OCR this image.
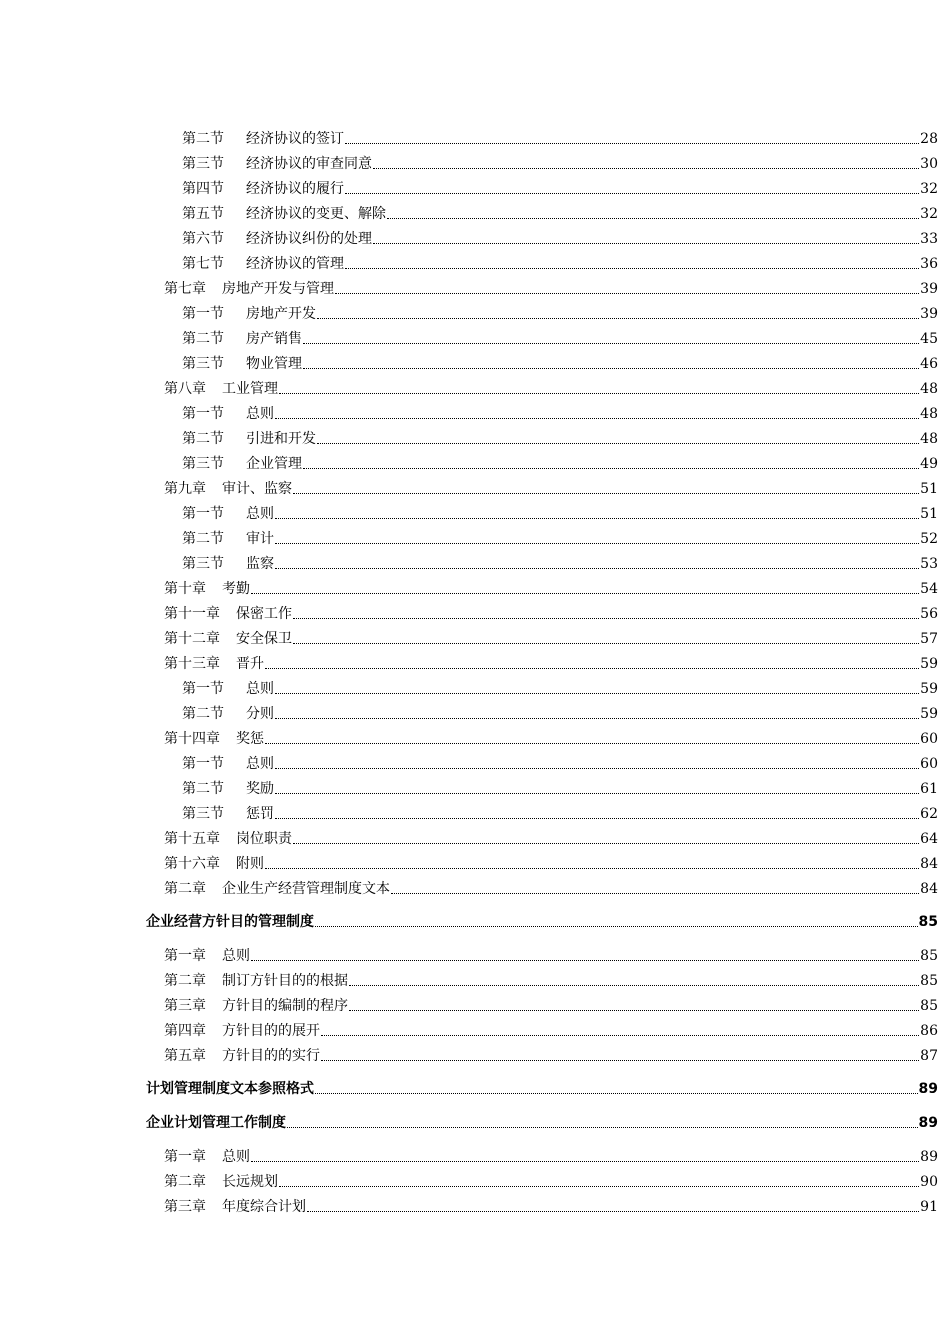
第二节	经济协议的签订	28
第三节	经济协议的审查同意	30
第四节	经济协议的履行	32
第五节	经济协议的变更、解除	32
第六节	经济协议纠份的处理	33
第七节	经济协议的管理	36
第七章 房地产开发与管理	39
第一节	房地产开发	39
第二节	房产销售	45
第三节	物业管理	46
第八章 工业管理	48
第一节	总则	48
第二节	引进和开发	48
第三节	企业管理	49
第九章 审计、监察	51
第一节	总则	51
第二节	审计	52
第三节	监察	53
第十章 考勤	54
第十一章 保密工作	56
第十二章 安全保卫	57
第十三章 晋升	59
第一节	总则	59
第二节	分则	59
第十四章 奖惩	60
第一节	总则	60
第二节	奖励	61
第三节	惩罚	62
第十五章 岗位职责	64
第十六章 附则	84
第二章 企业生产经营管理制度文本	84
企业经营方针目的管理制度	85
第一章 总则	85
第二章 制订方针目的的根据	85
第三章 方针目的编制的程序	85
第四章 方针目的的展开	86
第五章 方针目的的实行	87
计划管理制度文本参照格式	89
企业计划管理工作制度	89
第一章 总则	89
第二章 长远规划	90
第三章 年度综合计划	91
